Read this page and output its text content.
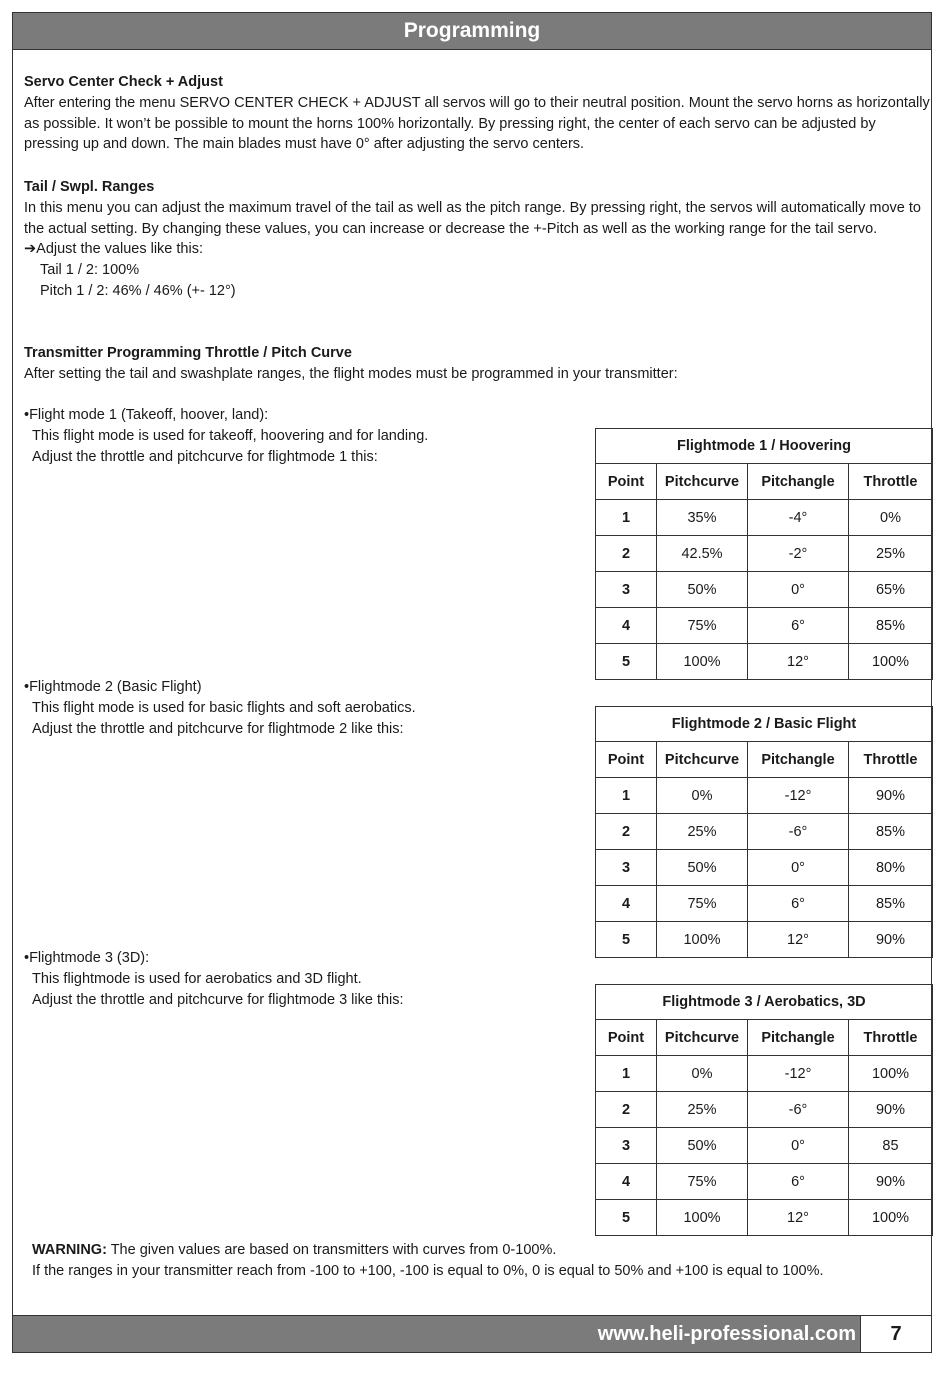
Programming
Servo Center Check + Adjust
After entering the menu SERVO CENTER CHECK + ADJUST all servos will go to their neutral position. Mount the servo horns as horizontally as possible. It won’t be possible to mount the horns 100% horizontally. By pressing right, the center of each servo can be adjusted by pressing up and down. The main blades must have 0° after adjusting the servo centers.
Tail / Swpl. Ranges
In this menu you can adjust the maximum travel of the tail as well as the pitch range. By pressing right, the servos will automatically move to the actual setting. By changing these values, you can increase or decrease the +-Pitch as well as the working range for the tail servo.
➔Adjust the values like this:
Tail 1 / 2: 100%
Pitch 1 / 2: 46% / 46% (+- 12°)
Transmitter Programming Throttle / Pitch Curve
After setting the tail and swashplate ranges, the flight modes must be programmed in your transmitter:
•Flight mode 1 (Takeoff, hoover, land):
This flight mode is used for takeoff, hoovering and for landing.
Adjust the throttle and pitchcurve for flightmode 1 this:
•Flightmode 2 (Basic Flight)
This flight mode is used for basic flights and soft aerobatics.
Adjust the throttle and pitchcurve for flightmode 2 like this:
•Flightmode 3 (3D):
This flightmode is used for aerobatics and 3D flight.
Adjust the throttle and pitchcurve for flightmode 3 like this:
Flightmode 1 / Hoovering			
Point	Pitchcurve	Pitchangle	Throttle
1	35%	-4°	0%
2	42.5%	-2°	25%
3	50%	0°	65%
4	75%	6°	85%
5	100%	12°	100%
Flightmode 2 / Basic Flight			
Point	Pitchcurve	Pitchangle	Throttle
1	0%	-12°	90%
2	25%	-6°	85%
3	50%	0°	80%
4	75%	6°	85%
5	100%	12°	90%
Flightmode 3 / Aerobatics, 3D			
Point	Pitchcurve	Pitchangle	Throttle
1	0%	-12°	100%
2	25%	-6°	90%
3	50%	0°	85
4	75%	6°	90%
5	100%	12°	100%
WARNING: The given values are based on transmitters with curves from 0-100%.
If the ranges in your transmitter reach from -100 to +100, -100 is equal to 0%, 0 is equal to 50% and +100 is equal to 100%.
www.heli-professional.com	7
